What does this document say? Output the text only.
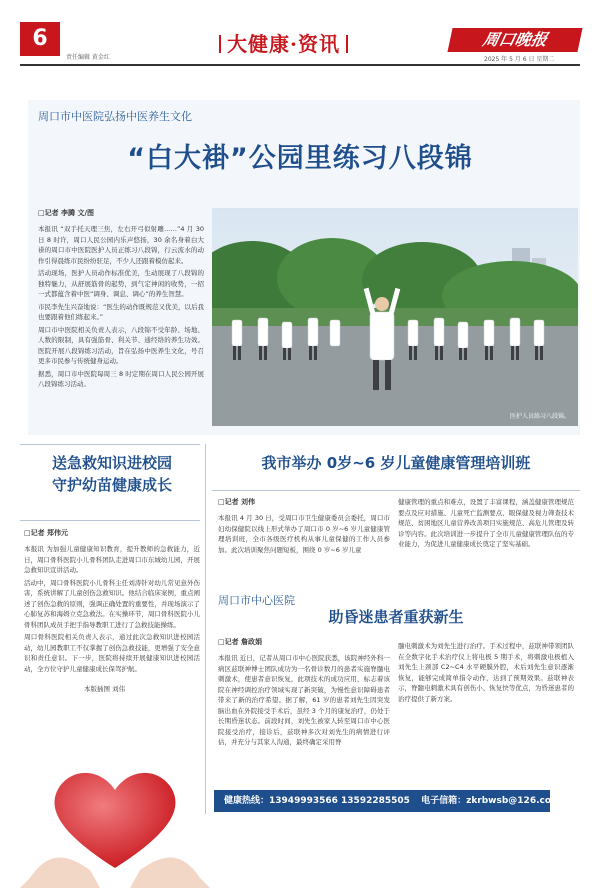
6
责任编辑 黄金红
大健康·资讯	周口晚报
2025 年 5 月 6 日 星期二
周口市中医院弘扬中医养生文化
“白大褂”公园里练习八段锦
□记者 李腾 文/图

本报讯 “双手托天理三焦，左右开弓似射雕……”4 月 30 日 8 时许，周口人民公园内乐声悠扬，30 余名身着白大褂的周口市中医院医护人员正练习八段锦，行云流水的动作引得晨练市民纷纷驻足，不少人还跟着模仿起来。

活动现场，医护人员动作标准优美，生动展现了八段锦的独特魅力，从舒展筋骨的起势，到气定神闲的收势，一招一式都蕴含着中医“调身、调息、调心”的养生智慧。

市民李先生兴奋地说：“医生的动作既规范又优美，以后我也要跟着他们练起来。”

周口市中医院相关负责人表示，八段锦不受年龄、场地、人数的限制，具有强筋骨、利关节、通经络的养生功效。医院开展八段锦练习活动，旨在弘扬中医养生文化，号召更多市民参与传统健身运动。

据悉，周口市中医院每周三 8 时定期在周口人民公园开展八段锦练习活动。

医护人员练习八段锦。
送急救知识进校园
守护幼苗健康成长
□记者 郑伟元

本报讯 为加强儿童健康知识教育，提升教师的急救能力，近日，周口骨科医院小儿骨科团队走进周口市东城幼儿园，开展急救知识宣讲活动。

活动中，周口骨科医院小儿骨科主任刘涛针对幼儿常见意外伤害，系统讲解了儿童创伤急救知识。他结合临床案例，重点阐述了创伤急救的原则，强调正确处置的重要性，并现场演示了心肺复苏和海姆立克急救法。在实操环节，周口骨科医院小儿骨科团队成员手把手指导教职工进行了急救技能操练。

周口骨科医院相关负责人表示，通过此次急救知识进校园活动，幼儿园教职工不仅掌握了创伤急救技能，更增强了安全意识和责任意识。下一步，医院将持续开展健康知识进校园活动，全方位守护儿童健康成长保驾护航。

本版插图 刘伟
我市举办 0岁~6 岁儿童健康管理培训班
□记者 刘伟

本报讯 4 月 30 日，受周口市卫生健康委员会委托，周口市妇幼保健院以线上形式举办了周口市 0 岁~6 岁儿童健康管理培训班，全市各级医疗机构从事儿童保健的工作人员参加。此次培训聚焦问题短板，围绕 0 岁~6 岁儿童

健康管理的重点和难点，设置了丰富课程，涵盖健康管理规范要点及应对措施、儿童死亡监测要点、眼保健及视力筛查技术规范、贫困地区儿童营养改善项目实施规范、高危儿管理及转诊等内容。此次培训进一步提升了全市儿童健康管理队伍的专业能力，为促进儿童健康成长奠定了坚实基础。

周口市中心医院
助昏迷患者重获新生
□记者 詹政娟

本报讯 近日，记者从周口市中心医院获悉，该院神经外科一病区兹联神博士团队成功为一名骨诊数月的患者实施脊髓电刺激术，使患者意识恢复，此项技术的成功应用，标志着该院在神经调控治疗领域实现了新突破，为慢性意识障碍患者带来了新的治疗希望。据了解，61 岁的患者刘先生因突发脑出血在外院接受手术后，虽经 3 个月的康复治疗，仍处于长期昏迷状态。前段时间，刘先生被家人转至周口市中心医院接受治疗，接诊后，兹联神多次对刘先生的病情进行评估，并充分与其家人沟通，最终确定采用脊

髓电刺激术为刘先生进行治疗。手术过程中，兹联神带领团队在全数字化手术治疗仪上将电极 5 期手术，将刺激电极植入刘先生上颈部 C2~C4 水平硬膜外腔，术后刘先生意识逐渐恢复，能够完成简单指令动作，达到了预期效果。兹联神表示，脊髓电刺激术具有创伤小、恢复快等优点，为昏迷患者的治疗提供了新方案。

健康热线：13949993566 13592285505 电子信箱：zkrbwsb@126.com
